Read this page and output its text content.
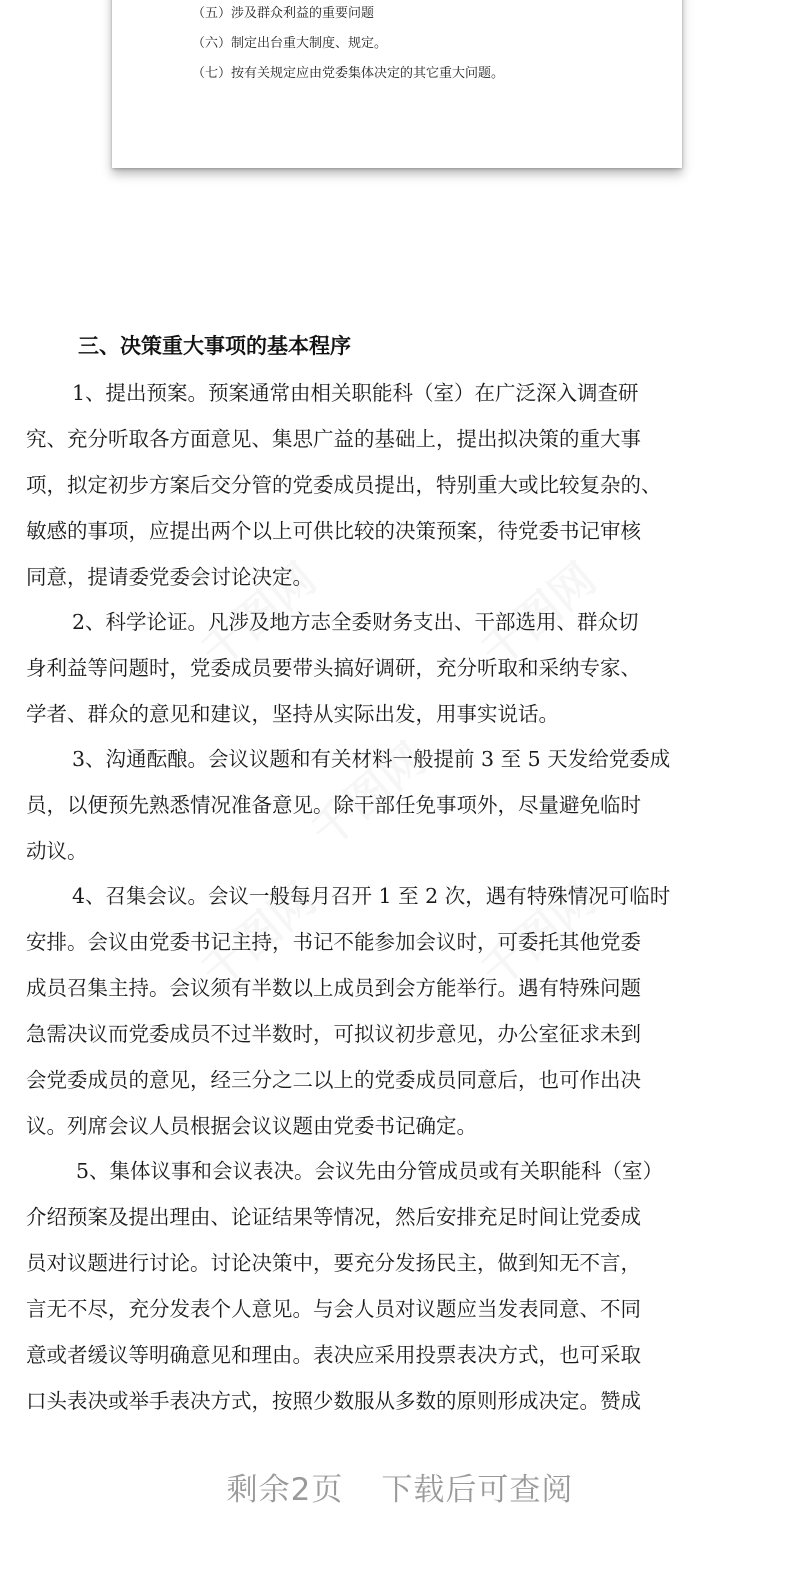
（五）涉及群众利益的重要问题
（六）制定出台重大制度、规定。
（七）按有关规定应由党委集体决定的其它重大问题。
三、决策重大事项的基本程序
1、提出预案。预案通常由相关职能科（室）在广泛深入调查研
究、充分听取各方面意见、集思广益的基础上，提出拟决策的重大事
项，拟定初步方案后交分管的党委成员提出，特别重大或比较复杂的、
敏感的事项，应提出两个以上可供比较的决策预案，待党委书记审核
同意，提请委党委会讨论决定。
2、科学论证。凡涉及地方志全委财务支出、干部选用、群众切
身利益等问题时，党委成员要带头搞好调研，充分听取和采纳专家、
学者、群众的意见和建议，坚持从实际出发，用事实说话。
3、沟通酝酿。会议议题和有关材料一般提前 3 至 5 天发给党委成
员，以便预先熟悉情况准备意见。除干部任免事项外，尽量避免临时
动议。
4、召集会议。会议一般每月召开 1 至 2 次，遇有特殊情况可临时
安排。会议由党委书记主持，书记不能参加会议时，可委托其他党委
成员召集主持。会议须有半数以上成员到会方能举行。遇有特殊问题
急需决议而党委成员不过半数时，可拟议初步意见，办公室征求未到
会党委成员的意见，经三分之二以上的党委成员同意后，也可作出决
议。列席会议人员根据会议议题由党委书记确定。
5、集体议事和会议表决。会议先由分管成员或有关职能科（室）
介绍预案及提出理由、论证结果等情况，然后安排充足时间让党委成
员对议题进行讨论。讨论决策中，要充分发扬民主，做到知无不言，
言无不尽，充分发表个人意见。与会人员对议题应当发表同意、不同
意或者缓议等明确意见和理由。表决应采用投票表决方式，也可采取
口头表决或举手表决方式，按照少数服从多数的原则形成决定。赞成
剩余2页 下载后可查阅
